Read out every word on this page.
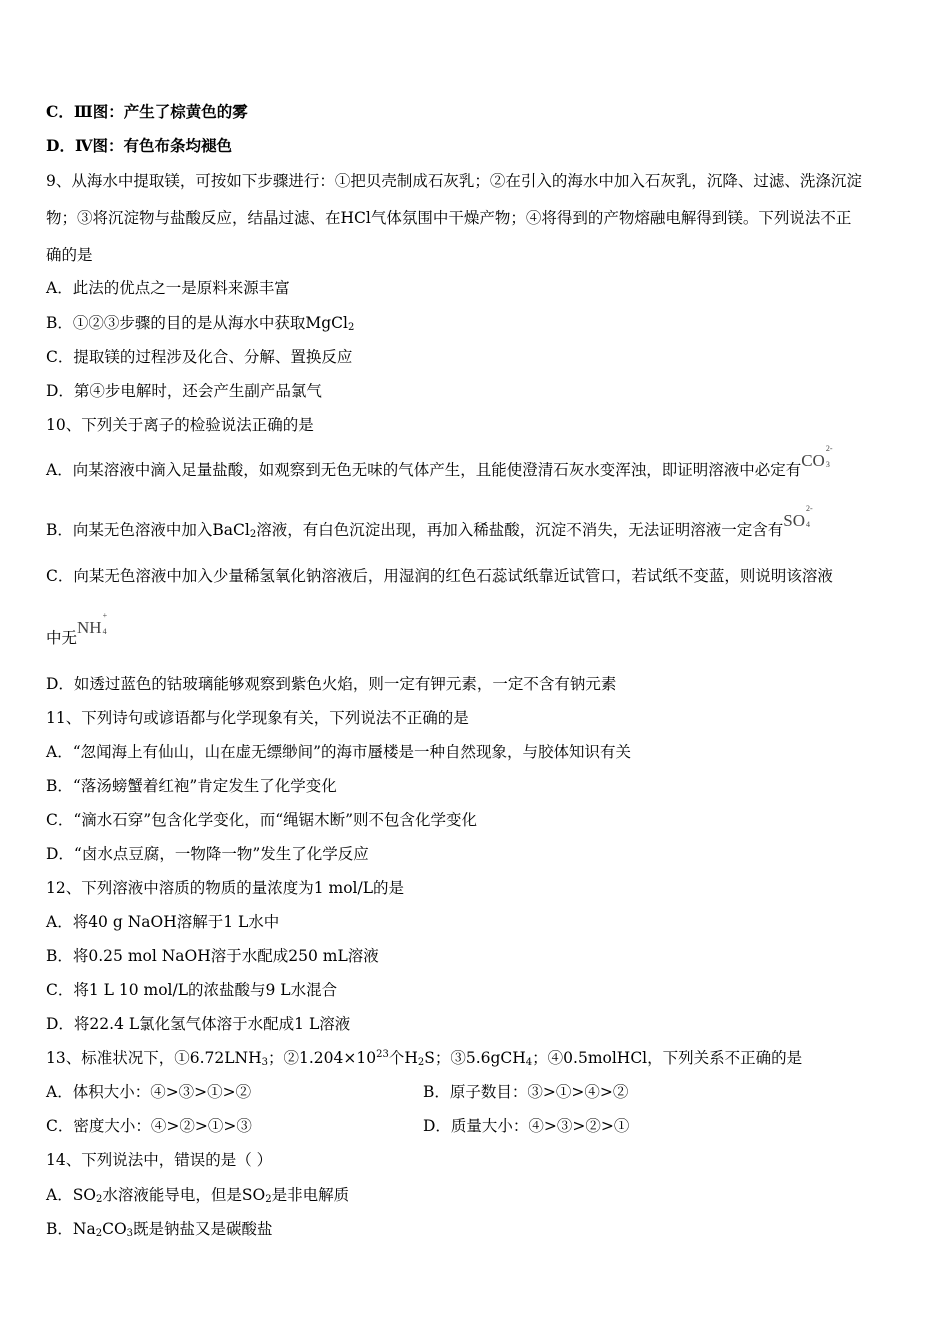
C．Ⅲ图：产生了棕黄色的雾
D．Ⅳ图：有色布条均褪色
9、从海水中提取镁，可按如下步骤进行：①把贝壳制成石灰乳；②在引入的海水中加入石灰乳，沉降、过滤、洗涤沉淀
物；③将沉淀物与盐酸反应，结晶过滤、在HCl气体氛围中干燥产物；④将得到的产物熔融电解得到镁。下列说法不正
确的是
A．此法的优点之一是原料来源丰富
B．①②③步骤的目的是从海水中获取MgCl$_2$
C．提取镁的过程涉及化合、分解、置换反应
D．第④步电解时，还会产生副产品氯气
10、下列关于离子的检验说法正确的是
A．向某溶液中滴入足量盐酸，如观察到无色无味的气体产生，且能使澄清石灰水变浑浊，即证明溶液中必定有CO
2-
3
B．向某无色溶液中加入BaCl$_2$溶液，有白色沉淀出现，再加入稀盐酸，沉淀不消失，无法证明溶液一定含有SO
2-
4
C．向某无色溶液中加入少量稀氢氧化钠溶液后，用湿润的红色石蕊试纸靠近试管口，若试纸不变蓝，则说明该溶液
中无NH
+
4
D．如透过蓝色的钴玻璃能够观察到紫色火焰，则一定有钾元素，一定不含有钠元素
11、下列诗句或谚语都与化学现象有关，下列说法不正确的是
A．“忽闻海上有仙山，山在虚无缥缈间”的海市蜃楼是一种自然现象，与胶体知识有关
B．“落汤螃蟹着红袍”肯定发生了化学变化
C．“滴水石穿”包含化学变化，而“绳锯木断”则不包含化学变化
D．“卤水点豆腐，一物降一物”发生了化学反应
12、下列溶液中溶质的物质的量浓度为1 mol/L的是
A．将40 g NaOH溶解于1 L水中
B．将0.25 mol NaOH溶于水配成250 mL溶液
C．将1 L 10 mol/L的浓盐酸与9 L水混合
D．将22.4 L氯化氢气体溶于水配成1 L溶液
13、标准状况下，$①6.72LNH_3$；$②1.204\times 10^{23}$个$H_2S$；③5.6gCH$_4$；④0.5molHCl，下列关系不正确的是
A．体积大小：④>③>①>②	B．原子数目：③>①>④>②
C．密度大小：④>②>①>③	D．质量大小：④>③>②>①
14、下列说法中，错误的是（ ）
A．$SO_2$水溶液能导电，但是$SO_2$是非电解质
B．$Na_2CO_3$既是钠盐又是碳酸盐
